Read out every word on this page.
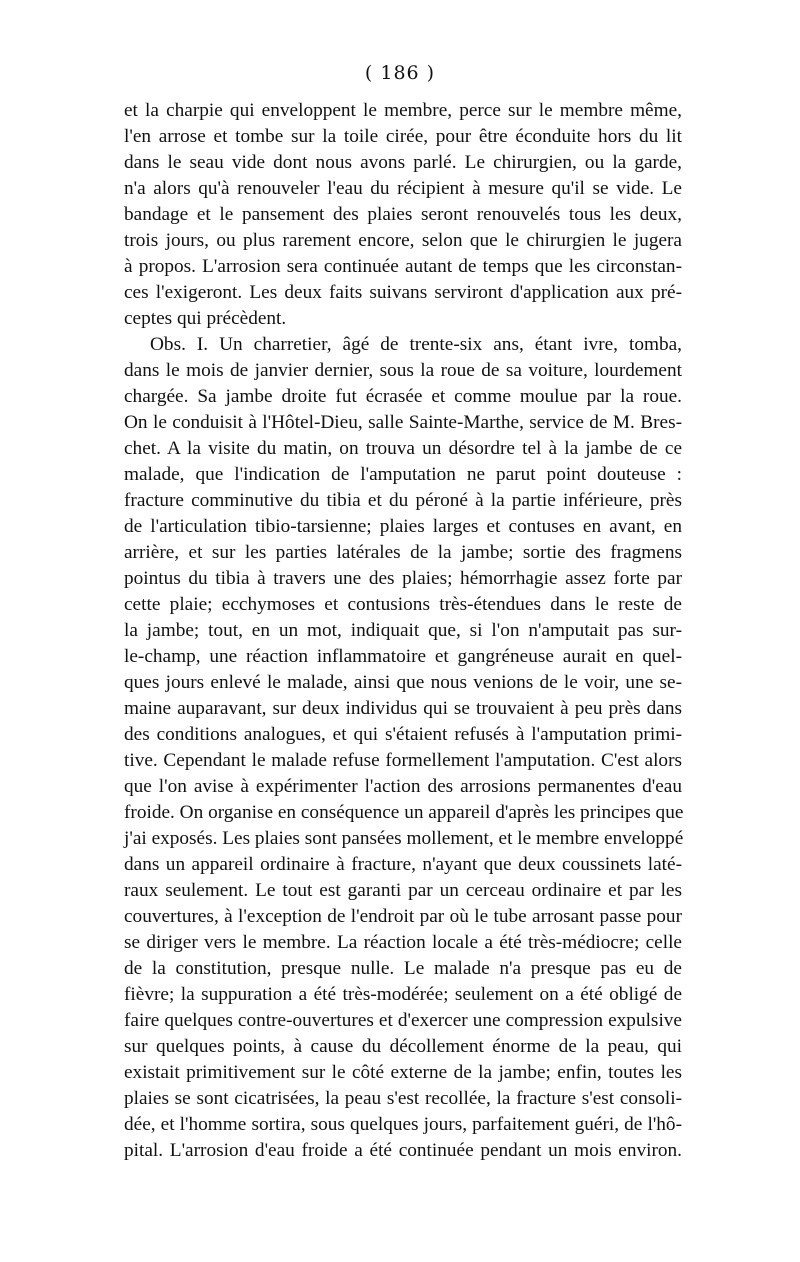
( 186 )
et la charpie qui enveloppent le membre, perce sur le membre même,
l'en arrose et tombe sur la toile cirée, pour être éconduite hors du lit
dans le seau vide dont nous avons parlé. Le chirurgien, ou la garde,
n'a alors qu'à renouveler l'eau du récipient à mesure qu'il se vide. Le
bandage et le pansement des plaies seront renouvelés tous les deux,
trois jours, ou plus rarement encore, selon que le chirurgien le jugera
à propos. L'arrosion sera continuée autant de temps que les circonstan-
ces l'exigeront. Les deux faits suivans serviront d'application aux pré-
ceptes qui précèdent.
Obs. I. Un charretier, âgé de trente-six ans, étant ivre, tomba,
dans le mois de janvier dernier, sous la roue de sa voiture, lourdement
chargée. Sa jambe droite fut écrasée et comme moulue par la roue.
On le conduisit à l'Hôtel-Dieu, salle Sainte-Marthe, service de M. Bres-
chet. A la visite du matin, on trouva un désordre tel à la jambe de ce
malade, que l'indication de l'amputation ne parut point douteuse :
fracture comminutive du tibia et du péroné à la partie inférieure, près
de l'articulation tibio-tarsienne; plaies larges et contuses en avant, en
arrière, et sur les parties latérales de la jambe; sortie des fragmens
pointus du tibia à travers une des plaies; hémorrhagie assez forte par
cette plaie; ecchymoses et contusions très-étendues dans le reste de
la jambe; tout, en un mot, indiquait que, si l'on n'amputait pas sur-
le-champ, une réaction inflammatoire et gangréneuse aurait en quel-
ques jours enlevé le malade, ainsi que nous venions de le voir, une se-
maine auparavant, sur deux individus qui se trouvaient à peu près dans
des conditions analogues, et qui s'étaient refusés à l'amputation primi-
tive. Cependant le malade refuse formellement l'amputation. C'est alors
que l'on avise à expérimenter l'action des arrosions permanentes d'eau
froide. On organise en conséquence un appareil d'après les principes que
j'ai exposés. Les plaies sont pansées mollement, et le membre enveloppé
dans un appareil ordinaire à fracture, n'ayant que deux coussinets laté-
raux seulement. Le tout est garanti par un cerceau ordinaire et par les
couvertures, à l'exception de l'endroit par où le tube arrosant passe pour
se diriger vers le membre. La réaction locale a été très-médiocre; celle
de la constitution, presque nulle. Le malade n'a presque pas eu de
fièvre; la suppuration a été très-modérée; seulement on a été obligé de
faire quelques contre-ouvertures et d'exercer une compression expulsive
sur quelques points, à cause du décollement énorme de la peau, qui
existait primitivement sur le côté externe de la jambe; enfin, toutes les
plaies se sont cicatrisées, la peau s'est recollée, la fracture s'est consoli-
dée, et l'homme sortira, sous quelques jours, parfaitement guéri, de l'hô-
pital. L'arrosion d'eau froide a été continuée pendant un mois environ.
